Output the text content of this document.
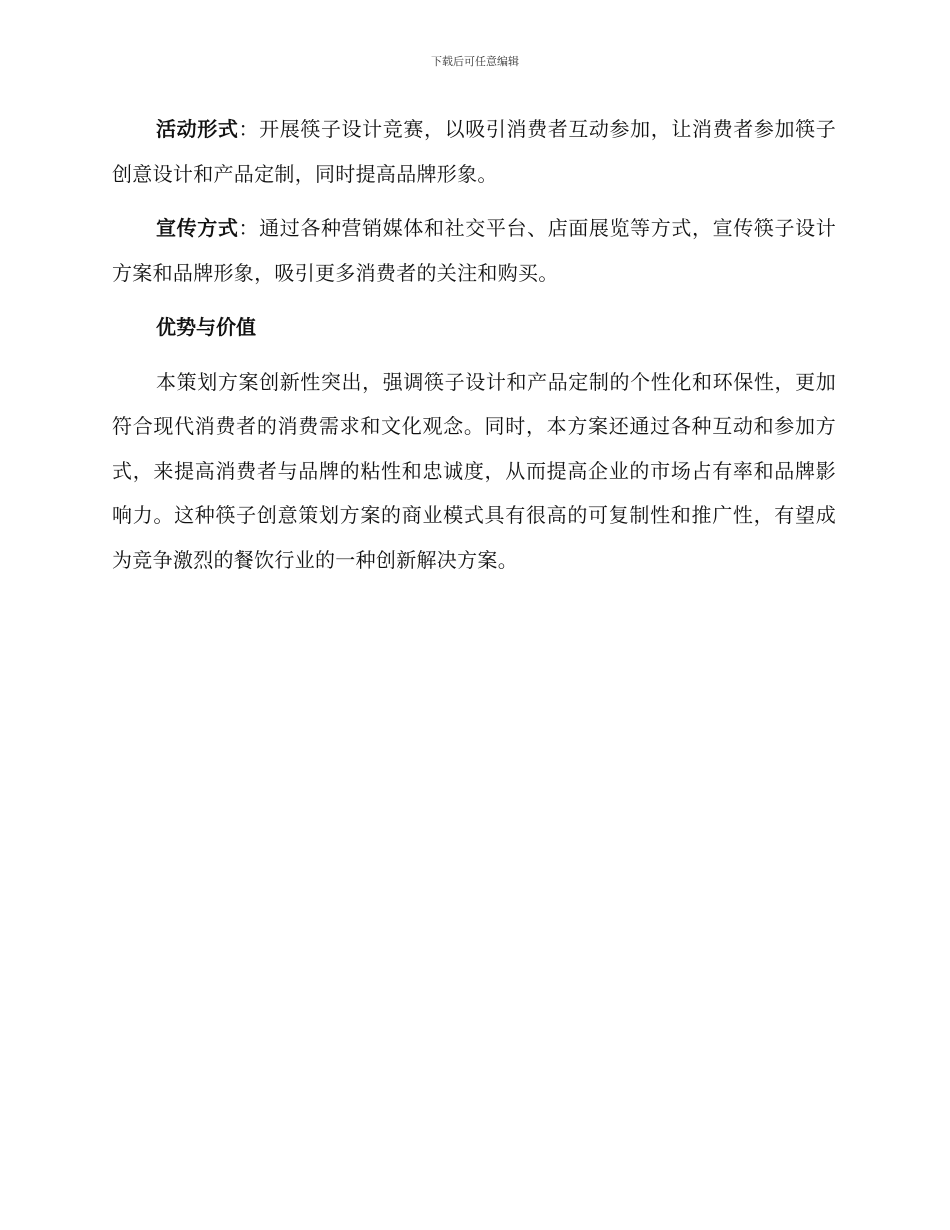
下载后可任意编辑

活动形式：开展筷子设计竞赛，以吸引消费者互动参加，让消费者参加筷子创意设计和产品定制，同时提高品牌形象。

宣传方式：通过各种营销媒体和社交平台、店面展览等方式，宣传筷子设计方案和品牌形象，吸引更多消费者的关注和购买。

优势与价值

本策划方案创新性突出，强调筷子设计和产品定制的个性化和环保性，更加符合现代消费者的消费需求和文化观念。同时，本方案还通过各种互动和参加方式，来提高消费者与品牌的粘性和忠诚度，从而提高企业的市场占有率和品牌影响力。这种筷子创意策划方案的商业模式具有很高的可复制性和推广性，有望成为竞争激烈的餐饮行业的一种创新解决方案。
